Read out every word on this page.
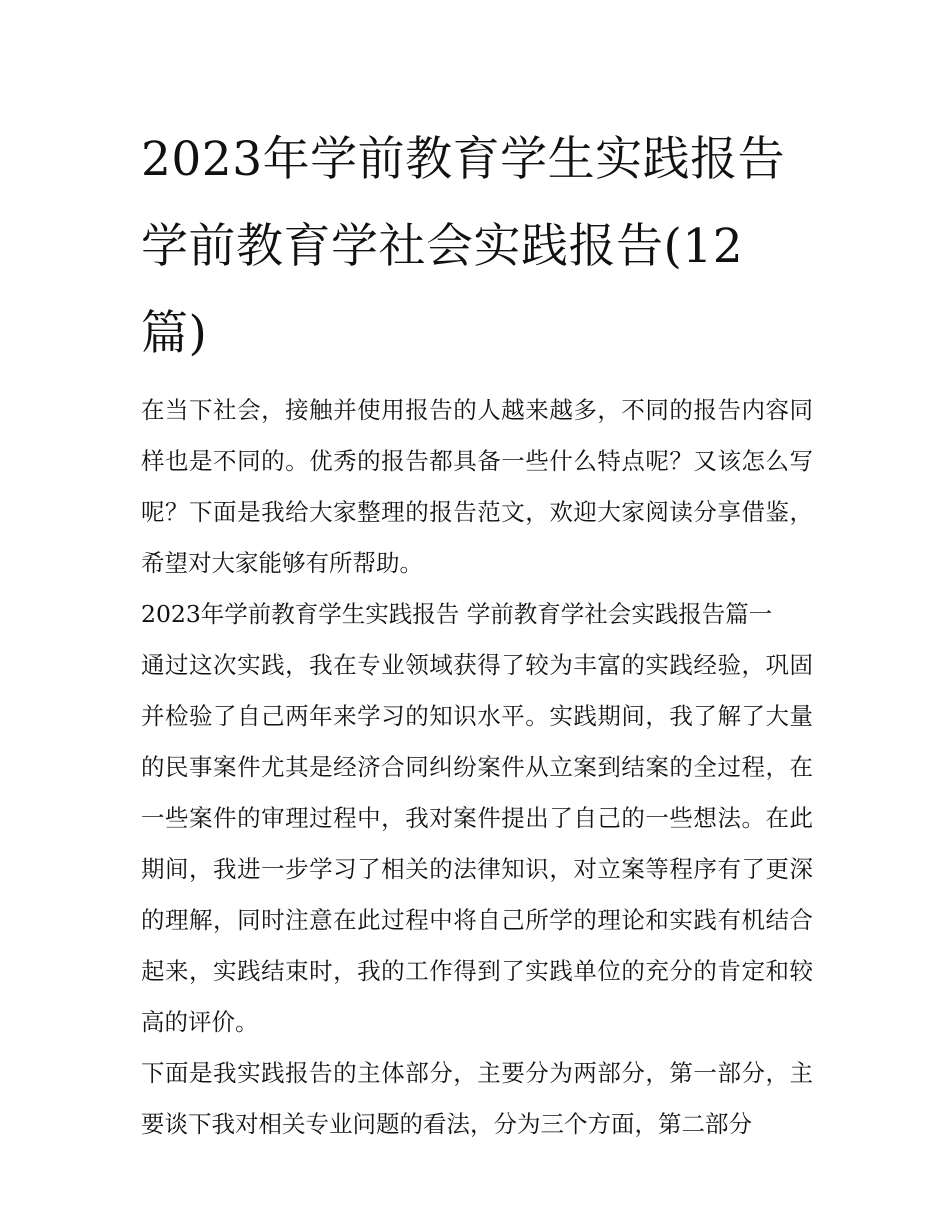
2023年学前教育学生实践报告
学前教育学社会实践报告(12
篇)

在当下社会，接触并使用报告的人越来越多，不同的报告内容同样也是不同的。优秀的报告都具备一些什么特点呢？又该怎么写呢？下面是我给大家整理的报告范文，欢迎大家阅读分享借鉴，希望对大家能够有所帮助。

2023年学前教育学生实践报告 学前教育学社会实践报告篇一

通过这次实践，我在专业领域获得了较为丰富的实践经验，巩固并检验了自己两年来学习的知识水平。实践期间，我了解了大量的民事案件尤其是经济合同纠纷案件从立案到结案的全过程，在一些案件的审理过程中，我对案件提出了自己的一些想法。在此期间，我进一步学习了相关的法律知识，对立案等程序有了更深的理解，同时注意在此过程中将自己所学的理论和实践有机结合起来，实践结束时，我的工作得到了实践单位的充分的肯定和较高的评价。

下面是我实践报告的主体部分，主要分为两部分，第一部分，主要谈下我对相关专业问题的看法，分为三个方面，第二部分
